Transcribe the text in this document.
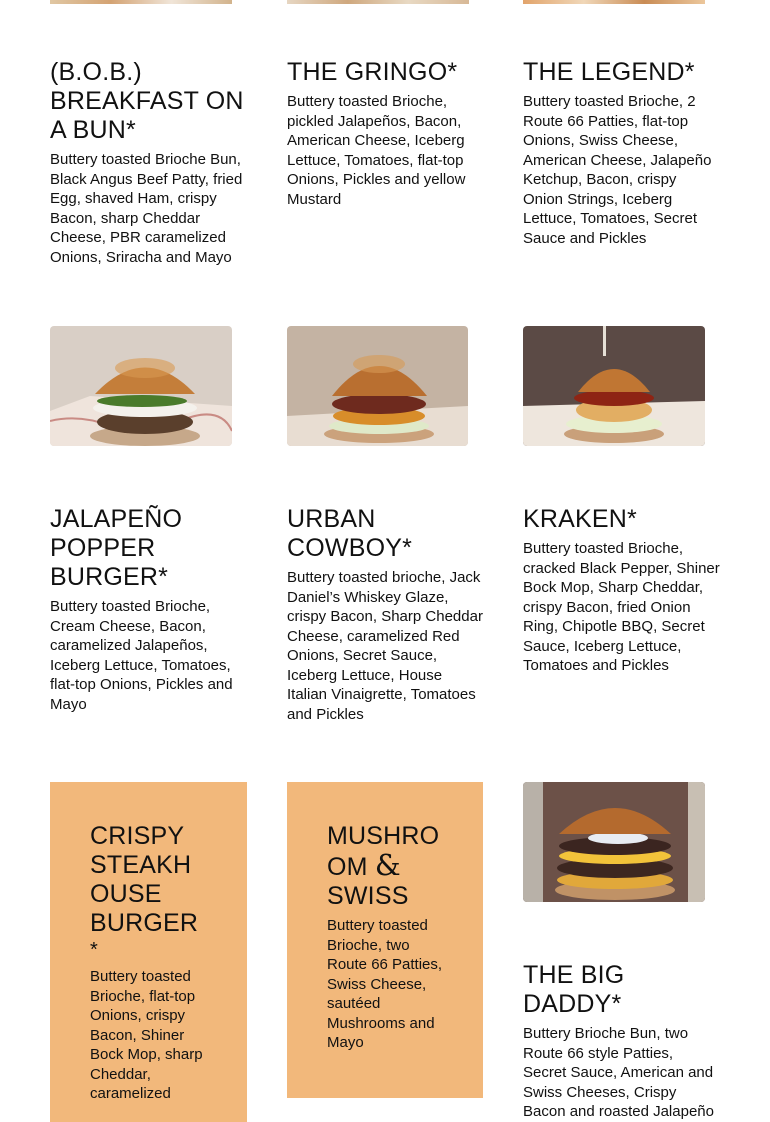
(B.O.B.) BREAKFAST ON A BUN*

Buttery toasted Brioche Bun, Black Angus Beef Patty, fried Egg, shaved Ham, crispy Bacon, sharp Cheddar Cheese, PBR caramelized Onions, Sriracha and Mayo

THE GRINGO*

Buttery toasted Brioche, pickled Jalapeños, Bacon, American Cheese, Iceberg Lettuce, Tomatoes, flat-top Onions, Pickles and yellow Mustard

THE LEGEND*

Buttery toasted Brioche, 2 Route 66 Patties, flat-top Onions, Swiss Cheese, American Cheese, Jalapeño Ketchup, Bacon, crispy Onion Strings, Iceberg Lettuce, Tomatoes, Secret Sauce and Pickles

JALAPEÑO POPPER BURGER*

Buttery toasted Brioche, Cream Cheese, Bacon, caramelized Jalapeños, Iceberg Lettuce, Tomatoes, flat-top Onions, Pickles and Mayo

URBAN COWBOY*

Buttery toasted brioche, Jack Daniel’s Whiskey Glaze, crispy Bacon, Sharp Cheddar Cheese, caramelized Red Onions, Secret Sauce, Iceberg Lettuce, House Italian Vinaigrette, Tomatoes and Pickles

KRAKEN*

Buttery toasted Brioche, cracked Black Pepper, Shiner Bock Mop, Sharp Cheddar, crispy Bacon, fried Onion Ring, Chipotle BBQ, Secret Sauce, Iceberg Lettuce, Tomatoes and Pickles

CRISPY
STEAKH
OUSE
BURGER
*

Buttery toasted Brioche, flat-top Onions, crispy Bacon, Shiner Bock Mop, sharp Cheddar, caramelized

MUSHRO
OM &
SWISS

Buttery toasted Brioche, two Route 66 Patties, Swiss Cheese, sautéed Mushrooms and Mayo

THE BIG DADDY*

Buttery Brioche Bun, two Route 66 style Patties, Secret Sauce, American and Swiss Cheeses, Crispy Bacon and roasted Jalapeño
